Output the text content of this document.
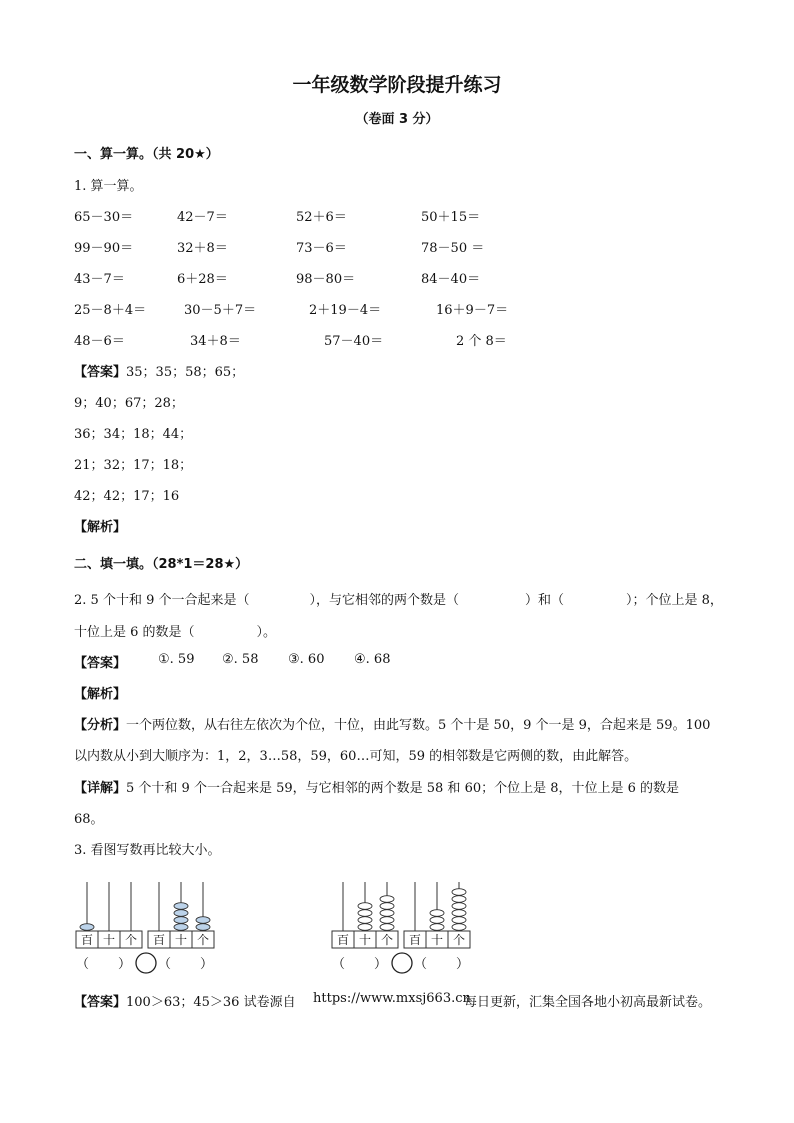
一年级数学阶段提升练习
（卷面 3 分）
一、算一算。（共 20★）
1. 算一算。
65－30＝	42－7＝	52＋6＝	50＋15＝
99－90＝	32＋8＝	73－6＝	78－50 ＝
43－7＝	6＋28＝	98－80＝	84－40＝
25－8＋4＝	30－5＋7＝	2＋19－4＝	16＋9－7＝
48－6＝	34＋8＝	57－40＝	2 个 8＝
【答案】35；35；58；65；
9；40；67；28；
36；34；18；44；
21；32；17；18；
42；42；17；16
【解析】
二、填一填。（28*1＝28★）
2. 5 个十和 9 个一合起来是（	），与它相邻的两个数是（	）和（	）；个位上是 8，
十位上是 6 的数是（	）。
【答案】 ①. 59 ②. 58 ③. 60 ④. 68
【解析】
【分析】一个两位数，从右往左依次为个位，十位，由此写数。5 个十是 50，9 个一是 9，合起来是 59。100
以内数从小到大顺序为：1，2，3…58，59，60…可知，59 的相邻数是它两侧的数，由此解答。
【详解】5 个十和 9 个一合起来是 59，与它相邻的两个数是 58 和 60；个位上是 8，十位上是 6 的数是
68。
3. 看图写数再比较大小。
百 十 个 百 十 个
（ ） （ ）
百 十 个 百 十 个
（ ） （ ）
【答案】100＞63；45＞36 试卷源自 https://www.mxsj663.cn
每日更新，汇集全国各地小初高最新试卷。
